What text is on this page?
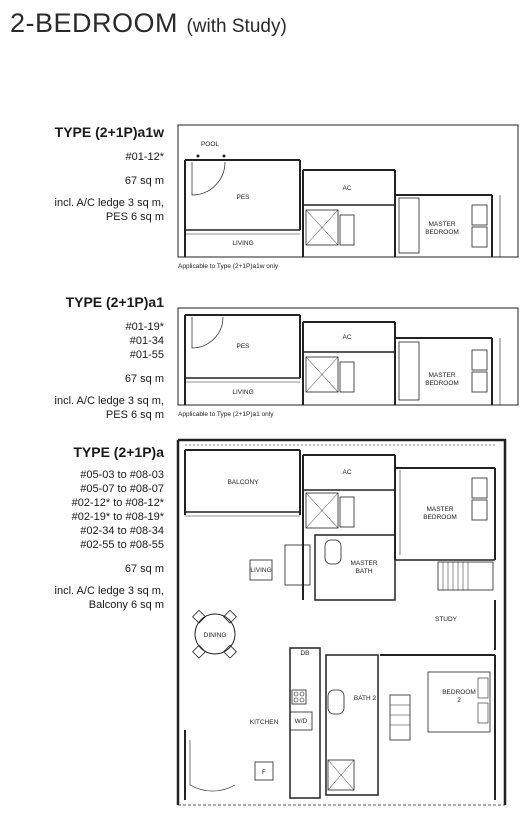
2-BEDROOM (with Study)
TYPE (2+1P)a1w
#01-12*
67 sq m
incl. A/C ledge 3 sq m,
PES 6 sq m
TYPE (2+1P)a1
#01-19*
#01-34
#01-55
67 sq m
incl. A/C ledge 3 sq m,
PES 6 sq m
TYPE (2+1P)a
#05-03 to #08-03
#05-07 to #08-07
#02-12* to #08-12*
#02-19* to #08-19*
#02-34 to #08-34
#02-55 to #08-55
67 sq m
incl. A/C ledge 3 sq m,
Balcony 6 sq m
POOL
PES
AC
LIVING
MASTER
BEDROOM
Applicable to Type (2+1P)a1w only
PES
AC
LIVING
MASTER
BEDROOM
Applicable to Type (2+1P)a1 only
BALCONY
AC
MASTER
BEDROOM
LIVING
MASTER
BATH
STUDY
DINING
DB
BATH 2
BEDROOM
2
KITCHEN	W/D
F
